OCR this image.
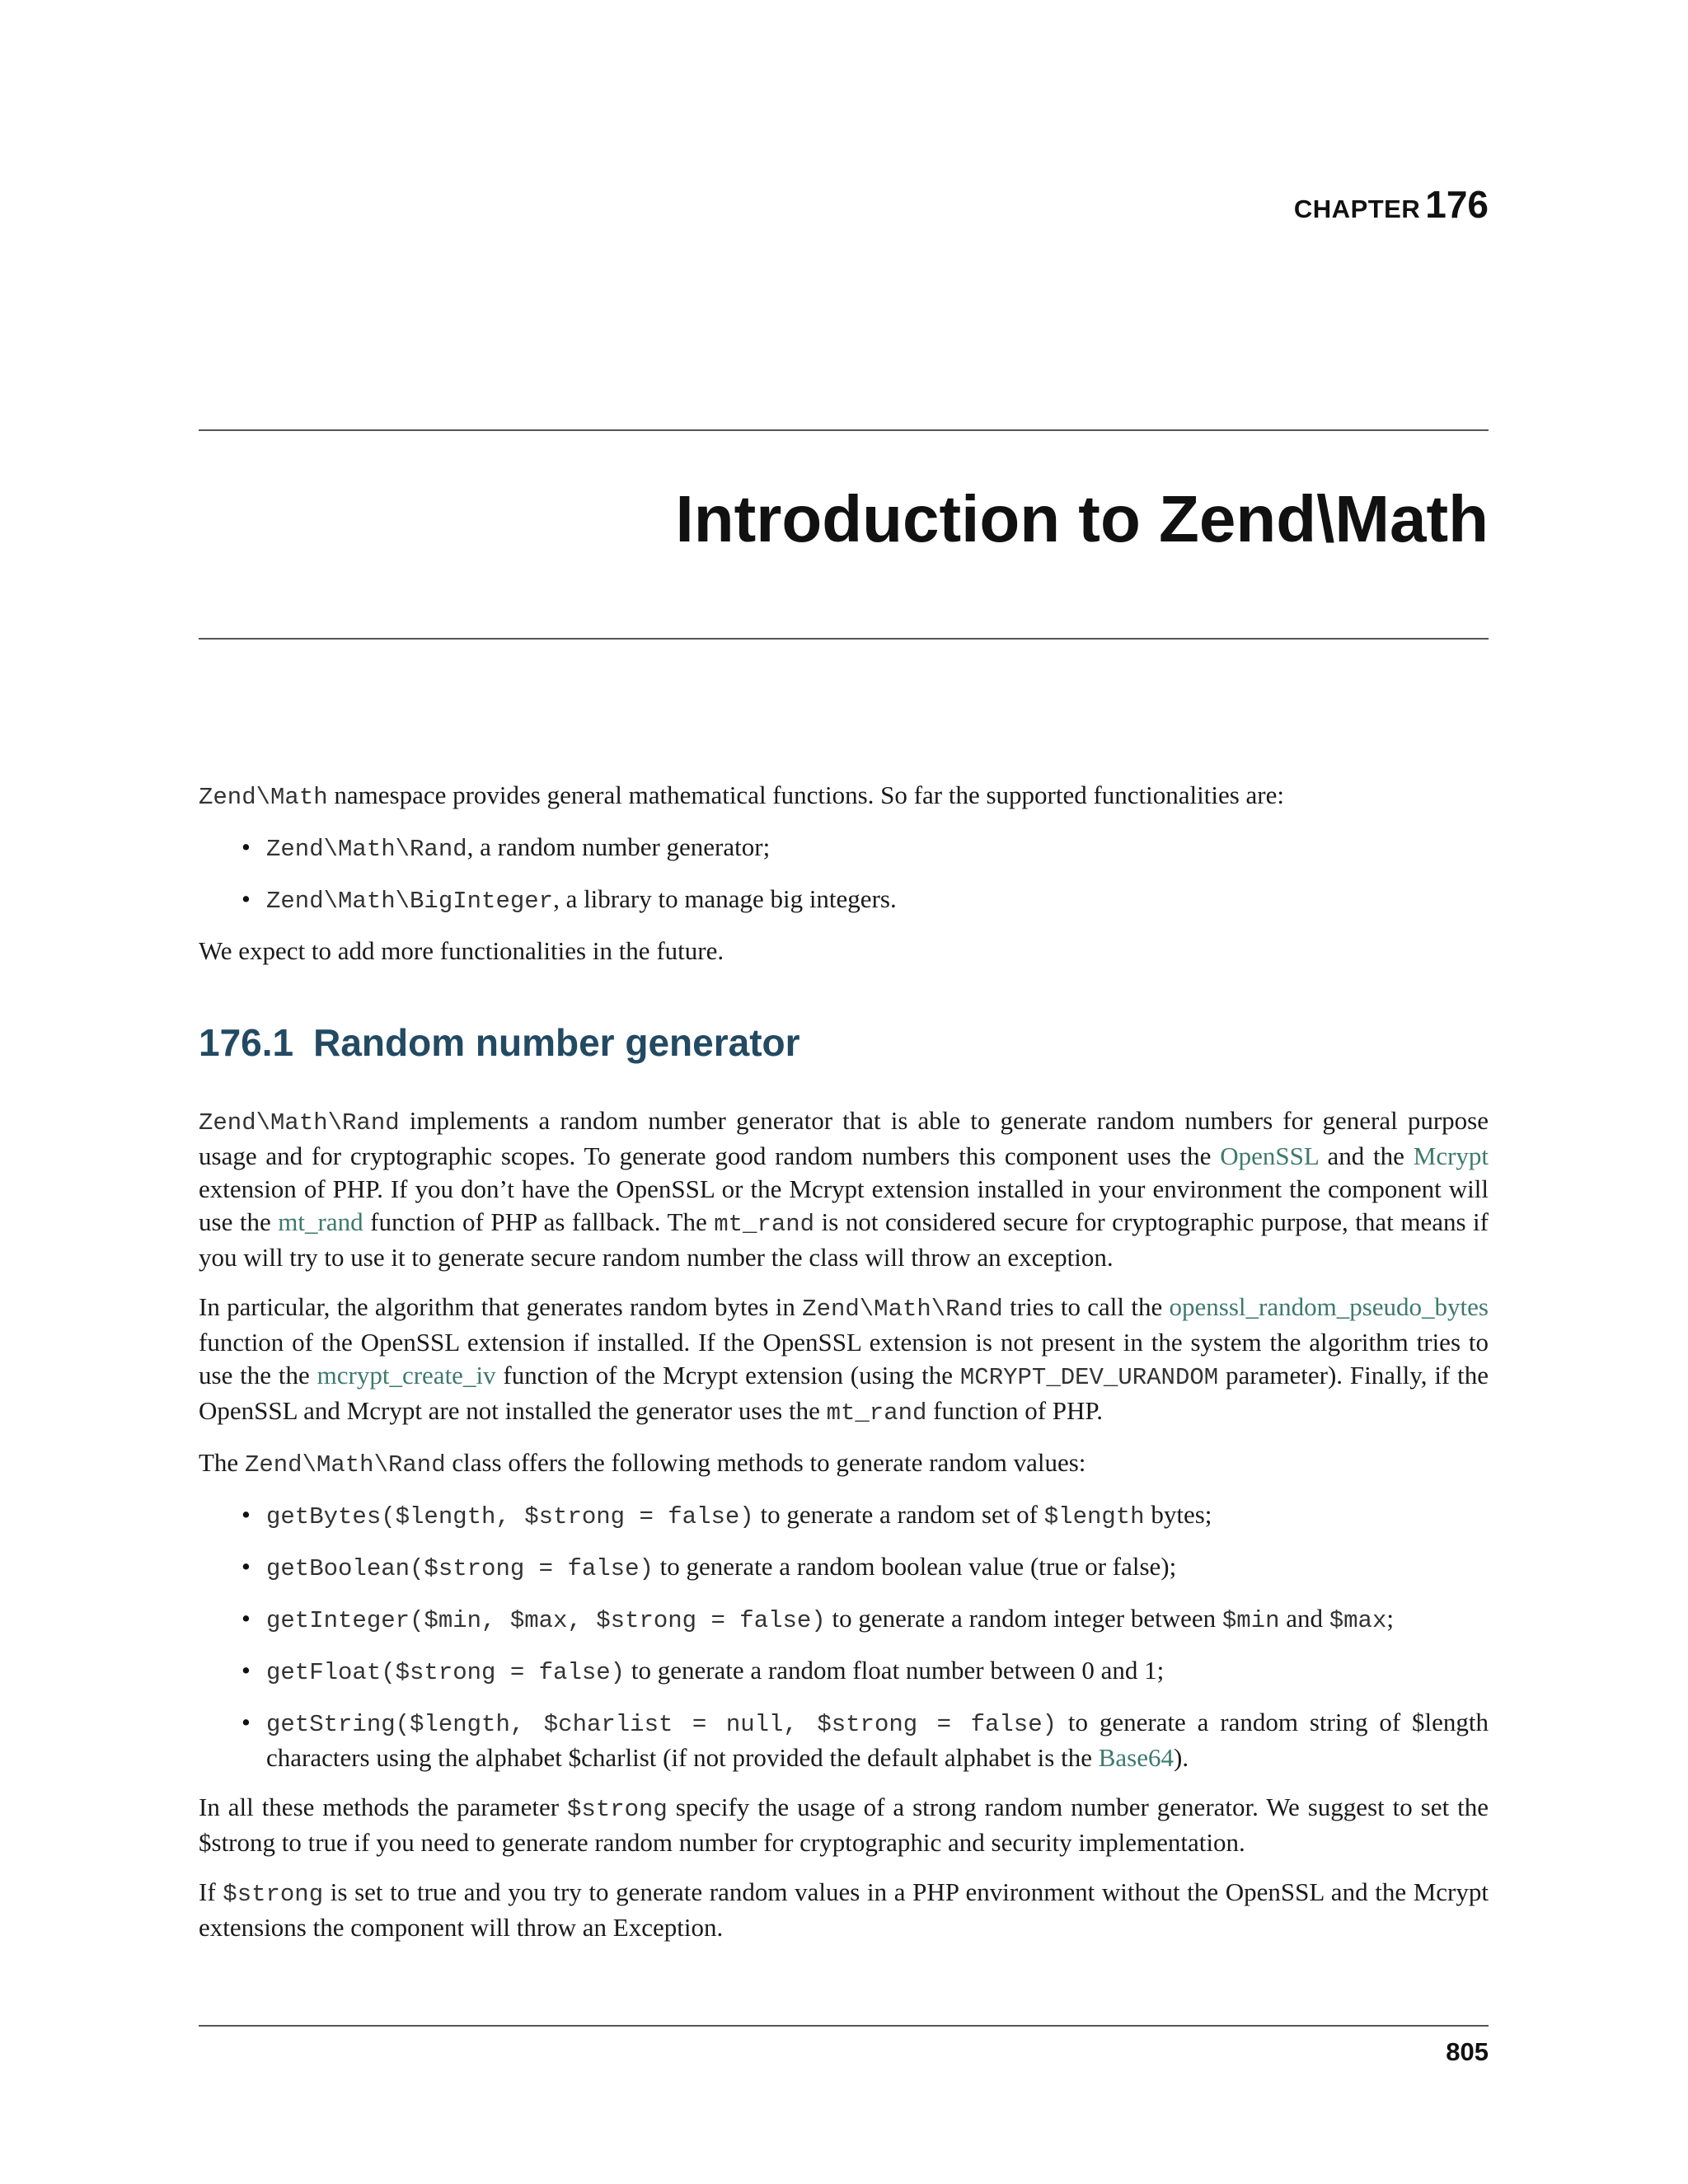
CHAPTER 176
Introduction to Zend\Math

Zend\Math namespace provides general mathematical functions. So far the supported functionalities are:

• Zend\Math\Rand, a random number generator;
• Zend\Math\BigInteger, a library to manage big integers.

We expect to add more functionalities in the future.

176.1 Random number generator

Zend\Math\Rand implements a random number generator that is able to generate random numbers for general purpose usage and for cryptographic scopes. To generate good random numbers this component uses the OpenSSL and the Mcrypt extension of PHP. If you don’t have the OpenSSL or the Mcrypt extension installed in your environment the component will use the mt_rand function of PHP as fallback. The mt_rand is not considered secure for cryptographic purpose, that means if you will try to use it to generate secure random number the class will throw an exception.

In particular, the algorithm that generates random bytes in Zend\Math\Rand tries to call the openssl_random_pseudo_bytes function of the OpenSSL extension if installed. If the OpenSSL extension is not present in the system the algorithm tries to use the the mcrypt_create_iv function of the Mcrypt extension (using the MCRYPT_DEV_URANDOM parameter). Finally, if the OpenSSL and Mcrypt are not installed the generator uses the mt_rand function of PHP.

The Zend\Math\Rand class offers the following methods to generate random values:

• getBytes($length, $strong = false) to generate a random set of $length bytes;
• getBoolean($strong = false) to generate a random boolean value (true or false);
• getInteger($min, $max, $strong = false) to generate a random integer between $min and $max;
• getFloat($strong = false) to generate a random float number between 0 and 1;
• getString($length, $charlist = null, $strong = false) to generate a random string of $length characters using the alphabet $charlist (if not provided the default alphabet is the Base64).

In all these methods the parameter $strong specify the usage of a strong random number generator. We suggest to set the $strong to true if you need to generate random number for cryptographic and security implementation.

If $strong is set to true and you try to generate random values in a PHP environment without the OpenSSL and the Mcrypt extensions the component will throw an Exception.

805
